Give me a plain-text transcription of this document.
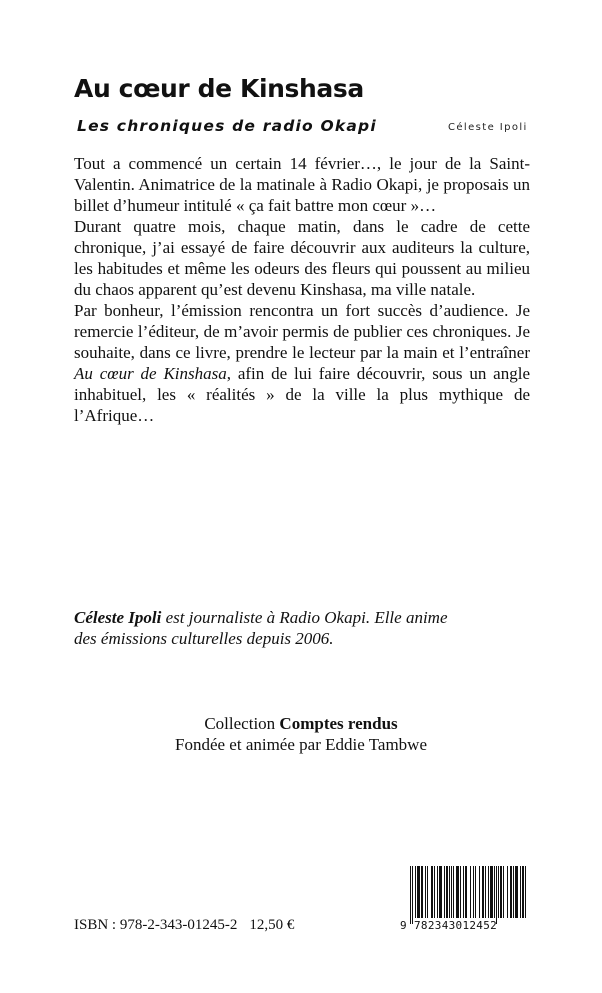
Au cœur de Kinshasa
Les chroniques de radio Okapi	Céleste Ipoli

Tout a commencé un certain 14 février…, le jour de la Saint-Valentin. Animatrice de la matinale à Radio Okapi, je proposais un billet d’humeur intitulé « ça fait battre mon cœur »…

Durant quatre mois, chaque matin, dans le cadre de cette chronique, j’ai essayé de faire découvrir aux auditeurs la culture, les habitudes et même les odeurs des fleurs qui poussent au milieu du chaos apparent qu’est devenu Kinshasa, ma ville natale.

Par bonheur, l’émission rencontra un fort succès d’audience. Je remercie l’éditeur, de m’avoir permis de publier ces chroniques. Je souhaite, dans ce livre, prendre le lecteur par la main et l’entraîner Au cœur de Kinshasa, afin de lui faire découvrir, sous un angle inhabituel, les « réalités » de la ville la plus mythique de l’Afrique…

Céleste Ipoli est journaliste à Radio Okapi. Elle anime
des émissions culturelles depuis 2006.
Collection Comptes rendus
Fondée et animée par Eddie Tambwe
ISBN : 978-2-343-01245-2 12,50 €	9 782343012452
